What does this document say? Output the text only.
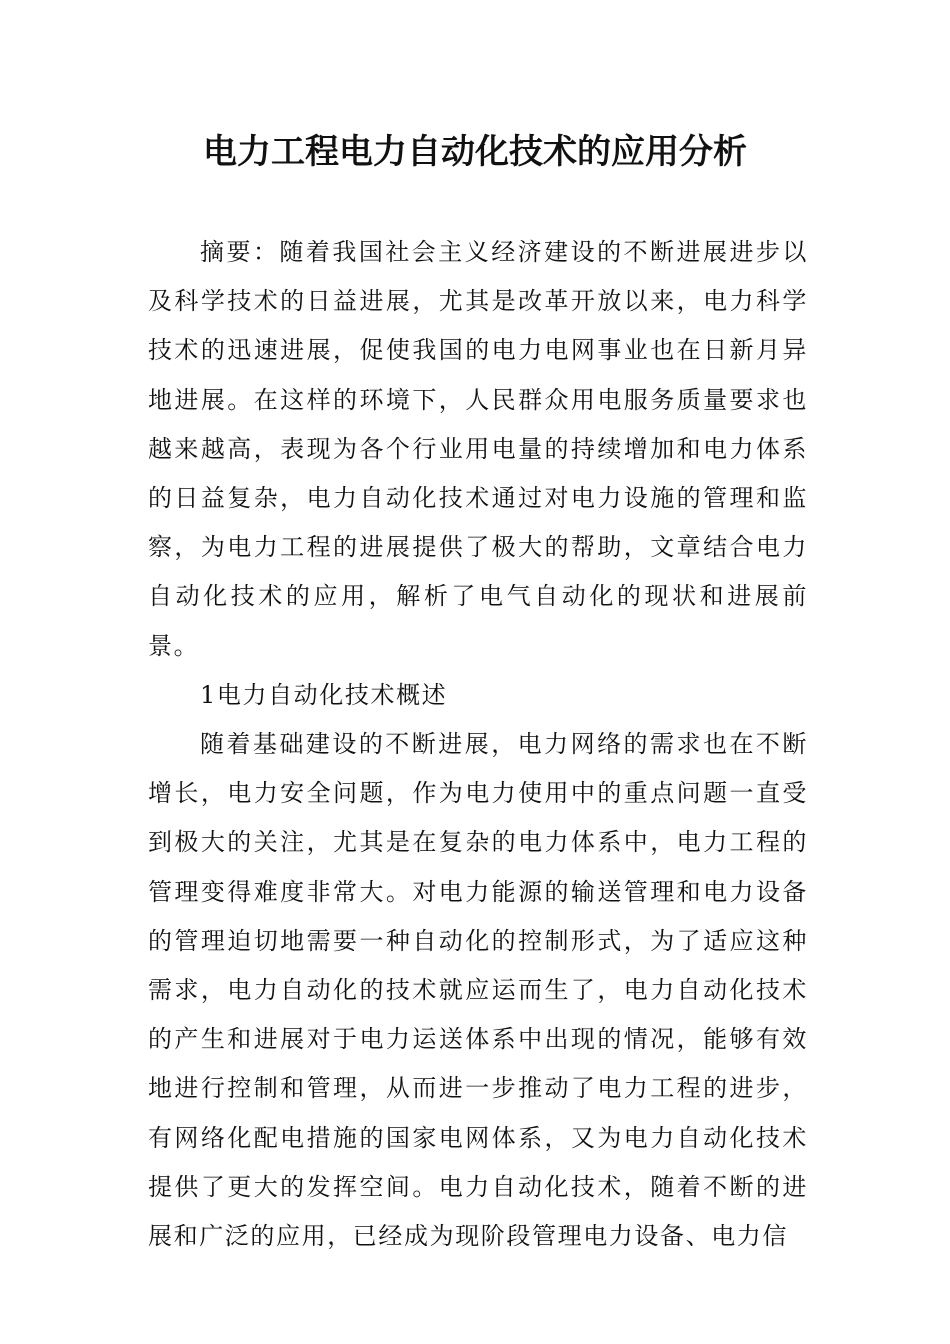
电力工程电力自动化技术的应用分析

摘要：随着我国社会主义经济建设的不断进展进步以及科学技术的日益进展，尤其是改革开放以来，电力科学技术的迅速进展，促使我国的电力电网事业也在日新月异地进展。在这样的环境下，人民群众用电服务质量要求也越来越高，表现为各个行业用电量的持续增加和电力体系的日益复杂，电力自动化技术通过对电力设施的管理和监察，为电力工程的进展提供了极大的帮助，文章结合电力自动化技术的应用，解析了电气自动化的现状和进展前景。

1电力自动化技术概述

随着基础建设的不断进展，电力网络的需求也在不断增长，电力安全问题，作为电力使用中的重点问题一直受到极大的关注，尤其是在复杂的电力体系中，电力工程的管理变得难度非常大。对电力能源的输送管理和电力设备的管理迫切地需要一种自动化的控制形式，为了适应这种需求，电力自动化的技术就应运而生了，电力自动化技术的产生和进展对于电力运送体系中出现的情况，能够有效地进行控制和管理，从而进一步推动了电力工程的进步，有网络化配电措施的国家电网体系，又为电力自动化技术提供了更大的发挥空间。电力自动化技术，随着不断的进展和广泛的应用，已经成为现阶段管理电力设备、电力信
